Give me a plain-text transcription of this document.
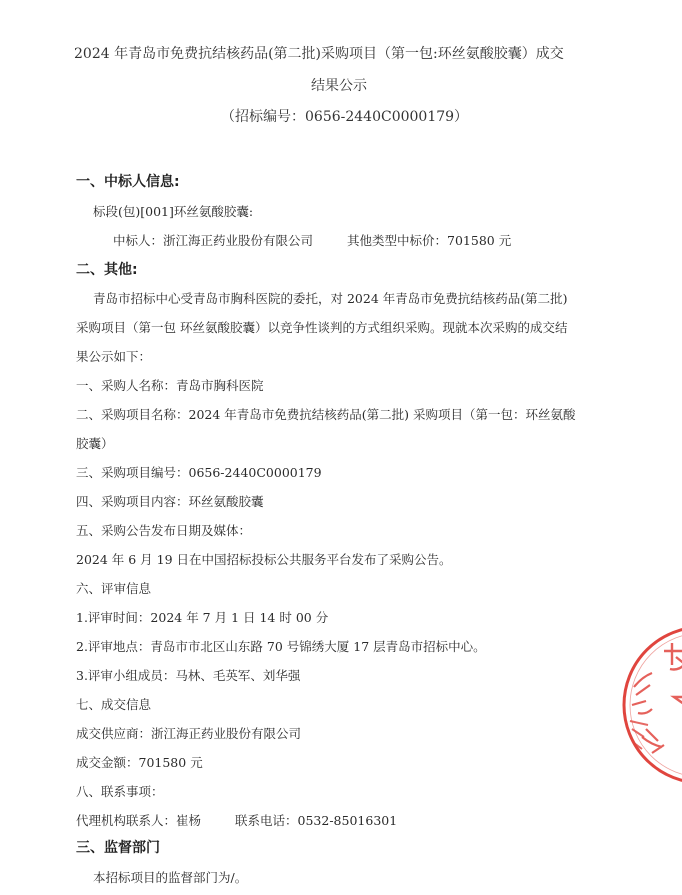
2024 年青岛市免费抗结核药品(第二批)采购项目（第一包:环丝氨酸胶囊）成交
结果公示
（招标编号：0656-2440C0000179）
一、中标人信息:
标段(包)[001]环丝氨酸胶囊:
中标人：浙江海正药业股份有限公司	其他类型中标价：701580 元
二、其他:
青岛市招标中心受青岛市胸科医院的委托，对 2024 年青岛市免费抗结核药品(第二批)
采购项目（第一包 环丝氨酸胶囊）以竞争性谈判的方式组织采购。现就本次采购的成交结
果公示如下：
一、采购人名称：青岛市胸科医院
二、采购项目名称：2024 年青岛市免费抗结核药品(第二批) 采购项目（第一包：环丝氨酸
胶囊）
三、采购项目编号：0656-2440C0000179
四、采购项目内容：环丝氨酸胶囊
五、采购公告发布日期及媒体：
2024 年 6 月 19 日在中国招标投标公共服务平台发布了采购公告。
六、评审信息
1.评审时间：2024 年 7 月 1 日 14 时 00 分
2.评审地点：青岛市市北区山东路 70 号锦绣大厦 17 层青岛市招标中心。
3.评审小组成员：马林、毛英军、刘华强
七、成交信息
成交供应商：浙江海正药业股份有限公司
成交金额：701580 元
八、联系事项：
代理机构联系人：崔杨	联系电话：0532-85016301
三、监督部门
本招标项目的监督部门为/。
